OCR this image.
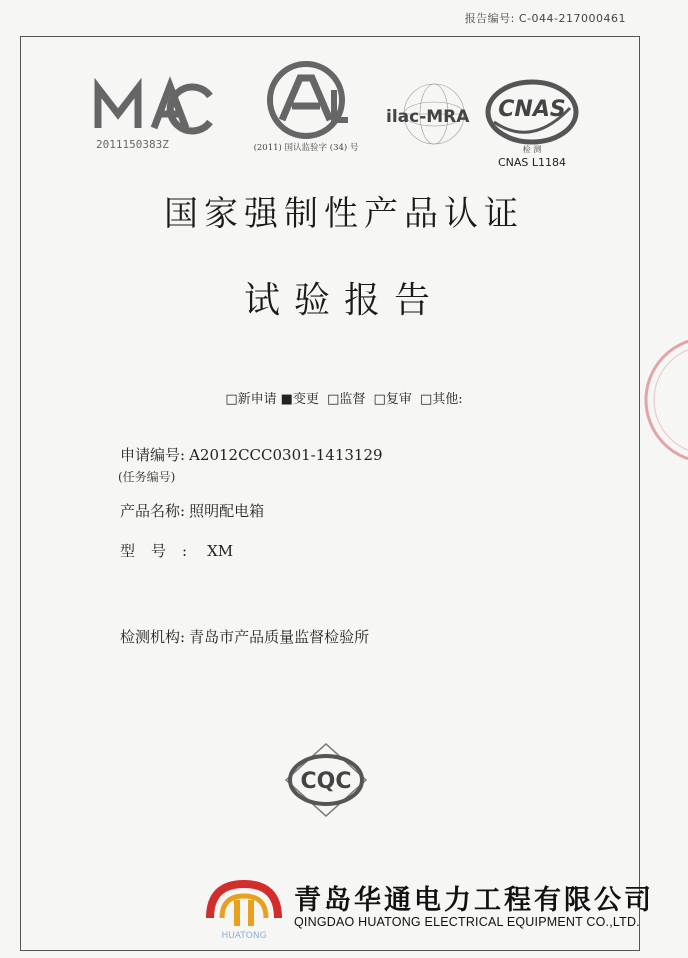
报告编号: C-044-217000461
2011150383Z	(2011) 国认监验字 (34) 号
ilac-MRA CNAS
检 测
CNAS L1184
国家强制性产品认证
试验报告
□新申请 ■变更 □监督 □复审 □其他:
申请编号: A2012CCC0301-1413129
(任务编号)
产品名称: 照明配电箱
型号: XM
检测机构: 青岛市产品质量监督检验所
CQC
HUATONG
青岛华通电力工程有限公司
QINGDAO HUATONG ELECTRICAL EQUIPMENT CO.,LTD.
